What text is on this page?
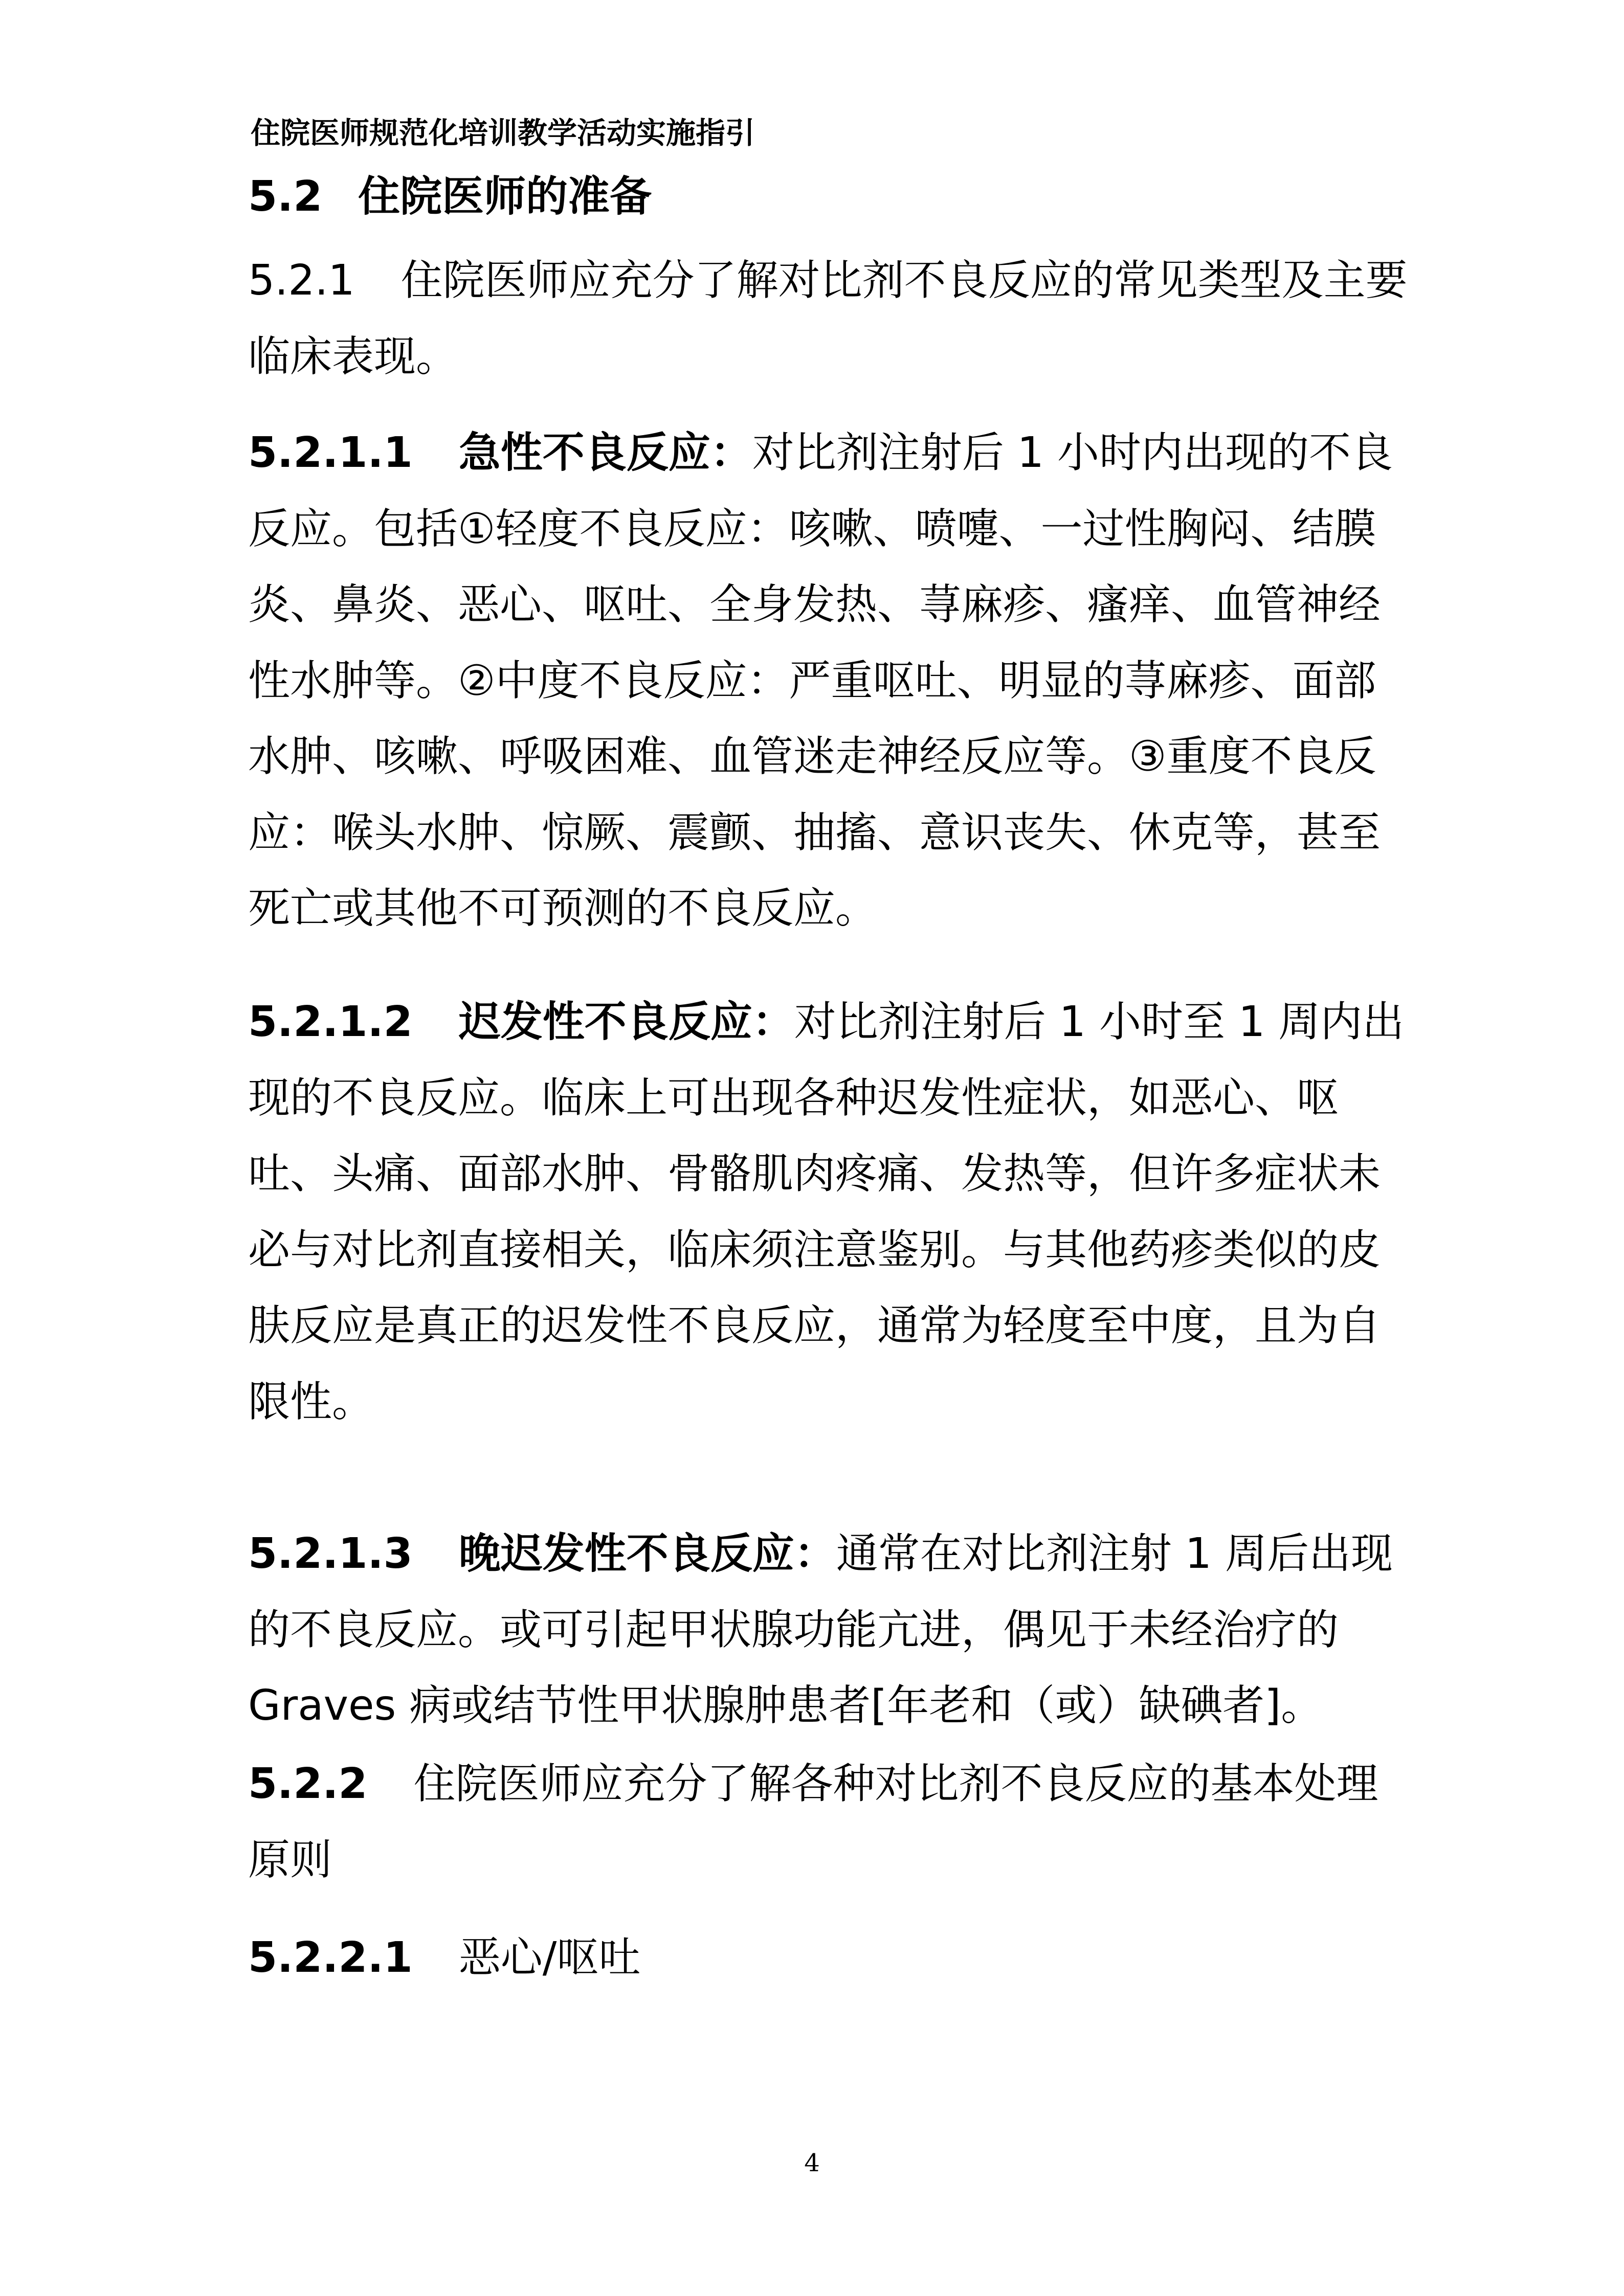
住院医师规范化培训教学活动实施指引
5.2 住院医师的准备
5.2.1 住院医师应充分了解对比剂不良反应的常见类型及主要临床表现。
5.2.1.1 急性不良反应：对比剂注射后 1 小时内出现的不良反应。包括①轻度不良反应：咳嗽、喷嚏、一过性胸闷、结膜炎、鼻炎、恶心、呕吐、全身发热、荨麻疹、瘙痒、血管神经性水肿等。②中度不良反应：严重呕吐、明显的荨麻疹、面部水肿、咳嗽、呼吸困难、血管迷走神经反应等。③重度不良反应：喉头水肿、惊厥、震颤、抽搐、意识丧失、休克等，甚至死亡或其他不可预测的不良反应。
5.2.1.2 迟发性不良反应：对比剂注射后 1 小时至 1 周内出现的不良反应。临床上可出现各种迟发性症状，如恶心、呕吐、头痛、面部水肿、骨骼肌肉疼痛、发热等，但许多症状未必与对比剂直接相关，临床须注意鉴别。与其他药疹类似的皮肤反应是真正的迟发性不良反应，通常为轻度至中度，且为自限性。
5.2.1.3 晚迟发性不良反应：通常在对比剂注射 1 周后出现的不良反应。或可引起甲状腺功能亢进，偶见于未经治疗的 Graves 病或结节性甲状腺肿患者[年老和（或）缺碘者]。
5.2.2 住院医师应充分了解各种对比剂不良反应的基本处理原则
5.2.2.1 恶心/呕吐
4
